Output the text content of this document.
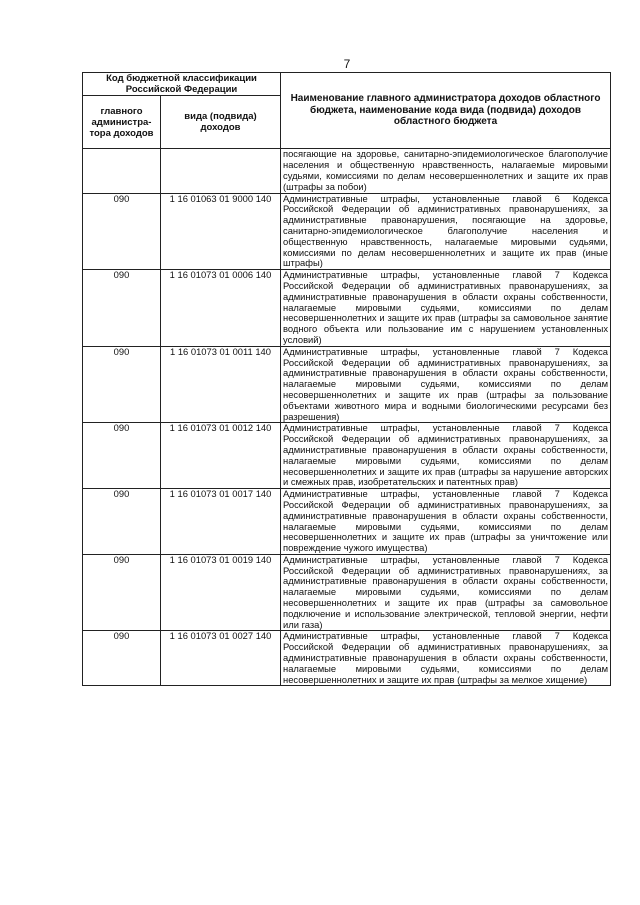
7
Код бюджетной классификации Российской Федерации		Наименование главного администратора доходов областного бюджета, наименование кода вида (подвида) доходов областного бюджета
главного администра-тора доходов	вида (подвида) доходов	
		посягающие на здоровье, санитарно-эпидемиологическое благополучие населения и общественную нравственность, налагаемые мировыми судьями, комиссиями по делам несовершеннолетних и защите их прав (штрафы за побои)
090	1 16 01063 01 9000 140	Административные штрафы, установленные главой 6 Кодекса Российской Федерации об административных правонарушениях, за административные правонарушения, посягающие на здоровье, санитарно-эпидемиологическое благополучие населения и общественную нравственность, налагаемые мировыми судьями, комиссиями по делам несовершеннолетних и защите их прав (иные штрафы)
090	1 16 01073 01 0006 140	Административные штрафы, установленные главой 7 Кодекса Российской Федерации об административных правонарушениях, за административные правонарушения в области охраны собственности, налагаемые мировыми судьями, комиссиями по делам несовершеннолетних и защите их прав (штрафы за самовольное занятие водного объекта или пользование им с нарушением установленных условий)
090	1 16 01073 01 0011 140	Административные штрафы, установленные главой 7 Кодекса Российской Федерации об административных правонарушениях, за административные правонарушения в области охраны собственности, налагаемые мировыми судьями, комиссиями по делам несовершеннолетних и защите их прав (штрафы за пользование объектами животного мира и водными биологическими ресурсами без разрешения)
090	1 16 01073 01 0012 140	Административные штрафы, установленные главой 7 Кодекса Российской Федерации об административных правонарушениях, за административные правонарушения в области охраны собственности, налагаемые мировыми судьями, комиссиями по делам несовершеннолетних и защите их прав (штрафы за нарушение авторских и смежных прав, изобретательских и патентных прав)
090	1 16 01073 01 0017 140	Административные штрафы, установленные главой 7 Кодекса Российской Федерации об административных правонарушениях, за административные правонарушения в области охраны собственности, налагаемые мировыми судьями, комиссиями по делам несовершеннолетних и защите их прав (штрафы за уничтожение или повреждение чужого имущества)
090	1 16 01073 01 0019 140	Административные штрафы, установленные главой 7 Кодекса Российской Федерации об административных правонарушениях, за административные правонарушения в области охраны собственности, налагаемые мировыми судьями, комиссиями по делам несовершеннолетних и защите их прав (штрафы за самовольное подключение и использование электрической, тепловой энергии, нефти или газа)
090	1 16 01073 01 0027 140	Административные штрафы, установленные главой 7 Кодекса Российской Федерации об административных правонарушениях, за административные правонарушения в области охраны собственности, налагаемые мировыми судьями, комиссиями по делам несовершеннолетних и защите их прав (штрафы за мелкое хищение)
